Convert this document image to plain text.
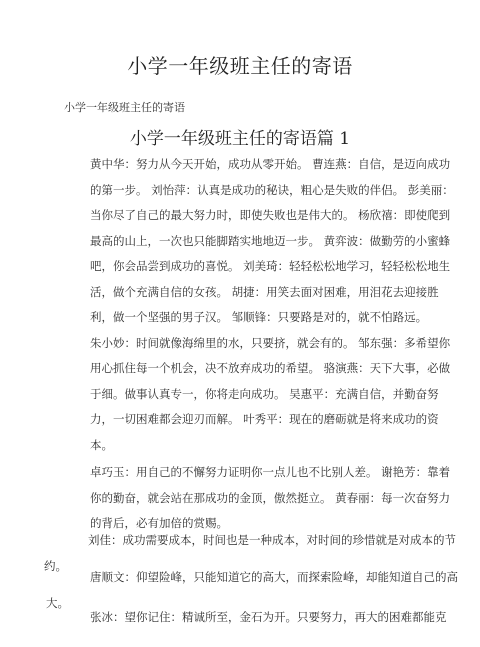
小学一年级班主任的寄语
小学一年级班主任的寄语
小学一年级班主任的寄语篇 1
黄中华：努力从今天开始，成功从零开始。 曹连燕：自信，是迈向成功
的第一步。 刘怡萍：认真是成功的秘诀，粗心是失败的伴侣。 彭美丽：
当你尽了自己的最大努力时，即使失败也是伟大的。 杨欣禧：即使爬到
最高的山上，一次也只能脚踏实地地迈一步。 黄弈波：做勤劳的小蜜蜂
吧，你会品尝到成功的喜悦。 刘美琦：轻轻松松地学习，轻轻松松地生
活，做个充满自信的女孩。 胡捷：用笑去面对困难，用泪花去迎接胜
利，做一个坚强的男子汉。 邹顺锋：只要路是对的，就不怕路远。
朱小妙：时间就像海绵里的水，只要挤，就会有的。 邹东强：多希望你
用心抓住每一个机会，决不放弃成功的希望。 骆演燕：天下大事，必做
于细。做事认真专一，你将走向成功。 吴惠平：充满自信，并勤奋努
力，一切困难都会迎刃而解。 叶秀平：现在的磨砺就是将来成功的资
本。
卓巧玉：用自己的不懈努力证明你一点儿也不比别人差。 谢艳芳：靠着
你的勤奋，就会站在那成功的金顶，傲然挺立。 黄春丽：每一次奋努力
的背后，必有加倍的赏赐。
刘佳：成功需要成本，时间也是一种成本，对时间的珍惜就是对成本的节
约。
唐顺文：仰望险峰，只能知道它的高大，而探索险峰，却能知道自己的高
大。
张冰：望你记住：精诚所至，金石为开。只要努力，再大的困难都能克
